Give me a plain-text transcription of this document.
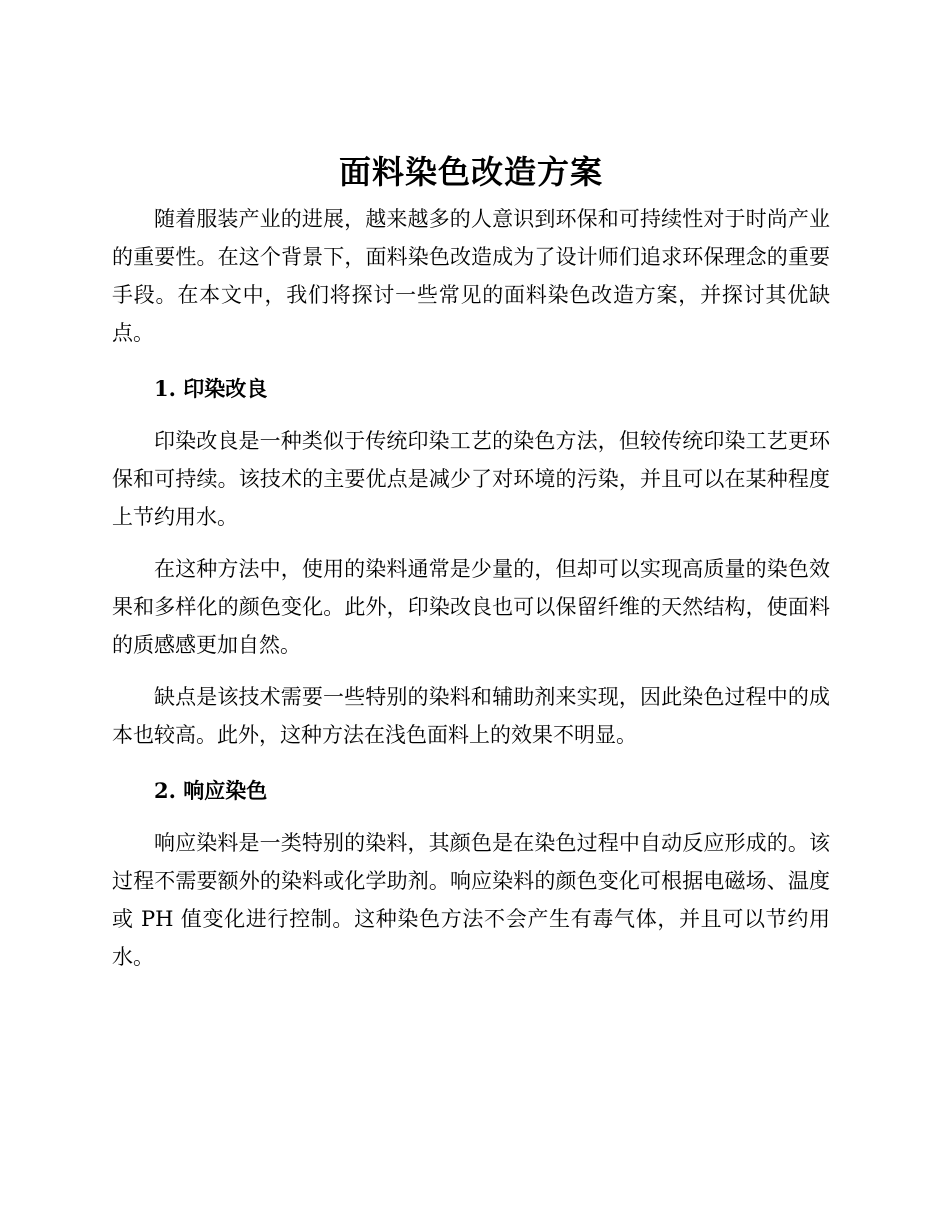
面料染色改造方案

随着服装产业的进展，越来越多的人意识到环保和可持续性对于时尚产业的重要性。在这个背景下，面料染色改造成为了设计师们追求环保理念的重要手段。在本文中，我们将探讨一些常见的面料染色改造方案，并探讨其优缺点。

1. 印染改良

印染改良是一种类似于传统印染工艺的染色方法，但较传统印染工艺更环保和可持续。该技术的主要优点是减少了对环境的污染，并且可以在某种程度上节约用水。

在这种方法中，使用的染料通常是少量的，但却可以实现高质量的染色效果和多样化的颜色变化。此外，印染改良也可以保留纤维的天然结构，使面料的质感感更加自然。

缺点是该技术需要一些特别的染料和辅助剂来实现，因此染色过程中的成本也较高。此外，这种方法在浅色面料上的效果不明显。

2. 响应染色

响应染料是一类特别的染料，其颜色是在染色过程中自动反应形成的。该过程不需要额外的染料或化学助剂。响应染料的颜色变化可根据电磁场、温度或 PH 值变化进行控制。这种染色方法不会产生有毒气体，并且可以节约用水。
